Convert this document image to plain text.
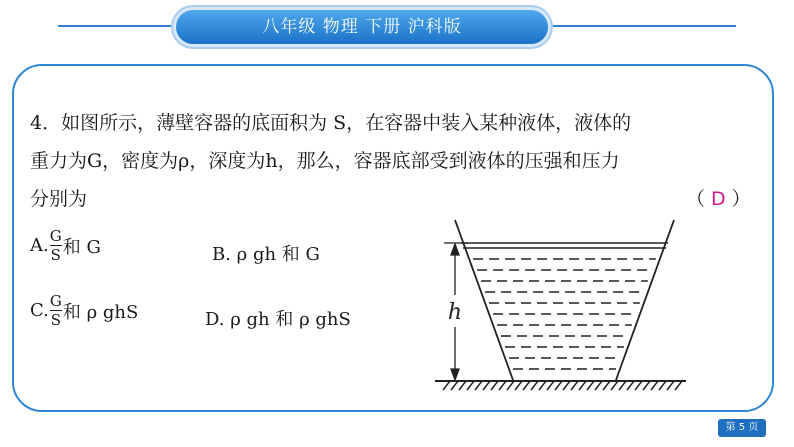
八年级 物理 下册 沪科版
4．如图所示，薄壁容器的底面积为 S，在容器中装入某种液体，液体的
重力为G，密度为ρ，深度为h，那么，容器底部受到液体的压强和压力
分别为	（ D ）
A. $\frac{G}{S}$ 和 G	B. ρ gh 和 G
C. $\frac{G}{S}$ 和 ρ ghS	D. ρ gh 和 ρ ghS	h
第 5 页
